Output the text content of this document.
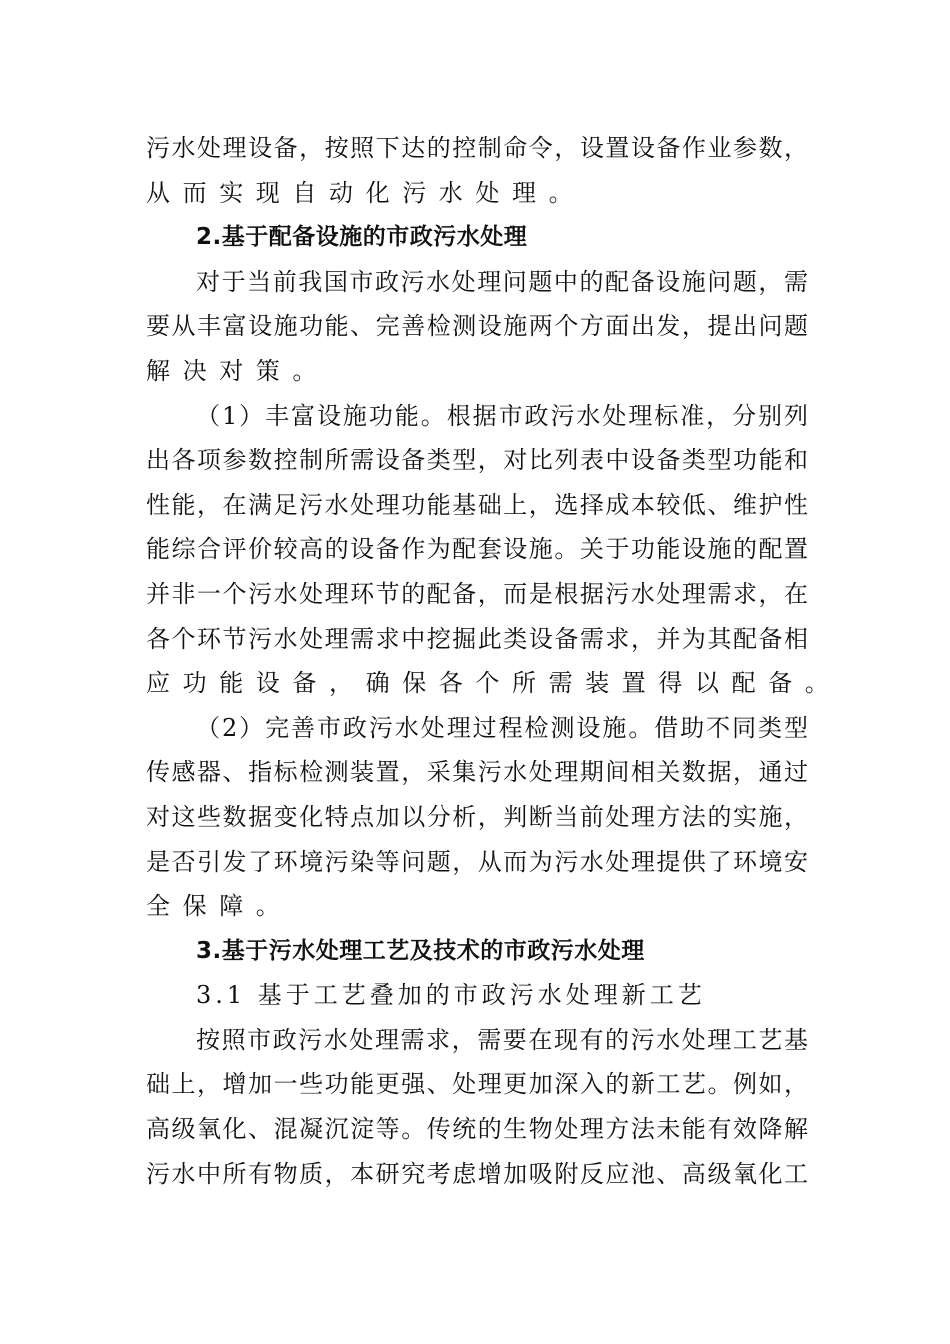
污水处理设备，按照下达的控制命令，设置设备作业参数，
从而实现自动化污水处理。
2.基于配备设施的市政污水处理
对于当前我国市政污水处理问题中的配备设施问题，需
要从丰富设施功能、完善检测设施两个方面出发，提出问题
解决对策。
（1）丰富设施功能。根据市政污水处理标准，分别列
出各项参数控制所需设备类型，对比列表中设备类型功能和
性能，在满足污水处理功能基础上，选择成本较低、维护性
能综合评价较高的设备作为配套设施。关于功能设施的配置
并非一个污水处理环节的配备，而是根据污水处理需求，在
各个环节污水处理需求中挖掘此类设备需求，并为其配备相
应功能设备，确保各个所需装置得以配备。
（2）完善市政污水处理过程检测设施。借助不同类型
传感器、指标检测装置，采集污水处理期间相关数据，通过
对这些数据变化特点加以分析，判断当前处理方法的实施，
是否引发了环境污染等问题，从而为污水处理提供了环境安
全保障。
3.基于污水处理工艺及技术的市政污水处理
3.1 基于工艺叠加的市政污水处理新工艺
按照市政污水处理需求，需要在现有的污水处理工艺基
础上，增加一些功能更强、处理更加深入的新工艺。例如，
高级氧化、混凝沉淀等。传统的生物处理方法未能有效降解
污水中所有物质，本研究考虑增加吸附反应池、高级氧化工
